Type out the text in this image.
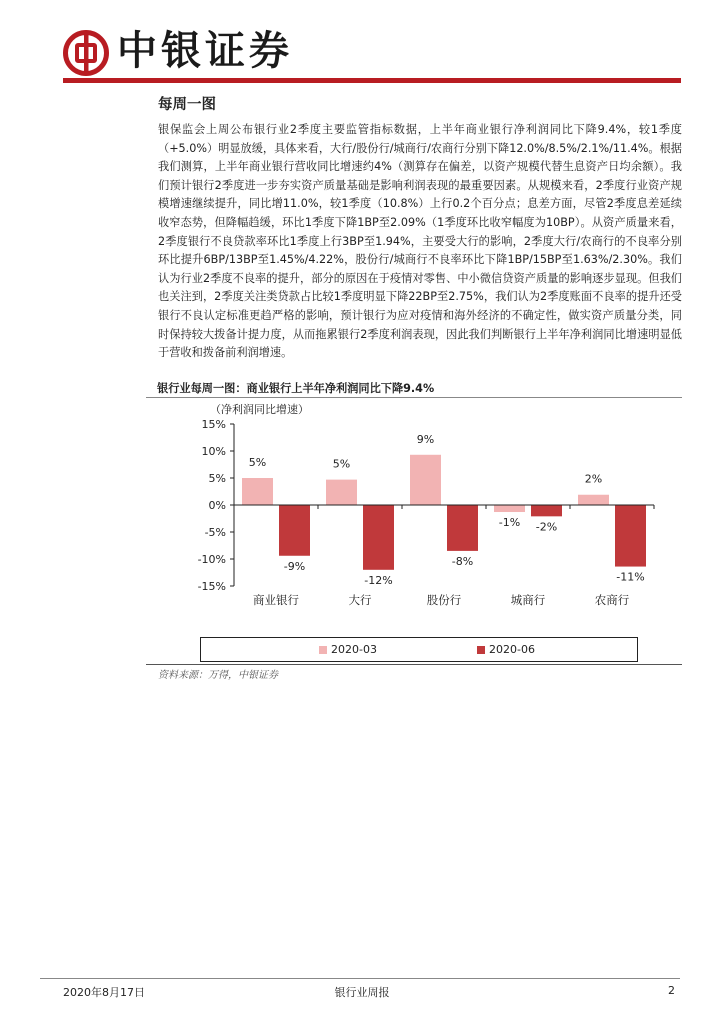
中银证券
每周一图

银保监会上周公布银行业2季度主要监管指标数据，上半年商业银行净利润同比下降9.4%，较1季度（+5.0%）明显放缓，具体来看，大行/股份行/城商行/农商行分别下降12.0%/8.5%/2.1%/11.4%。根据我们测算，上半年商业银行营收同比增速约4%（测算存在偏差，以资产规模代替生息资产日均余额）。我们预计银行2季度进一步夯实资产质量基础是影响利润表现的最重要因素。从规模来看，2季度行业资产规模增速继续提升，同比增11.0%，较1季度（10.8%）上行0.2个百分点；息差方面，尽管2季度息差延续收窄态势，但降幅趋缓，环比1季度下降1BP至2.09%（1季度环比收窄幅度为10BP）。从资产质量来看，2季度银行不良贷款率环比1季度上行3BP至1.94%，主要受大行的影响，2季度大行/农商行的不良率分别环比提升6BP/13BP至1.45%/4.22%，股份行/城商行不良率环比下降1BP/15BP至1.63%/2.30%。我们认为行业2季度不良率的提升，部分的原因在于疫情对零售、中小微信贷资产质量的影响逐步显现。但我们也关注到，2季度关注类贷款占比较1季度明显下降22BP至2.75%，我们认为2季度账面不良率的提升还受银行不良认定标准更趋严格的影响，预计银行为应对疫情和海外经济的不确定性，做实资产质量分类，同时保持较大拨备计提力度，从而拖累银行2季度利润表现，因此我们判断银行上半年净利润同比增速明显低于营收和拨备前利润增速。

银行业每周一图：商业银行上半年净利润同比下降9.4%
（净利润同比增速）
15%
10%
5%
0%
-5%
-10%
-15%
5%
-9%
商业银行
5%
-12%
大行
9%
-8%
股份行
-1% -2%
城商行
2%
-11%
农商行
2020-03	2020-06
资料来源：万得，中银证券
2020年8月17日	银行业周报	2
